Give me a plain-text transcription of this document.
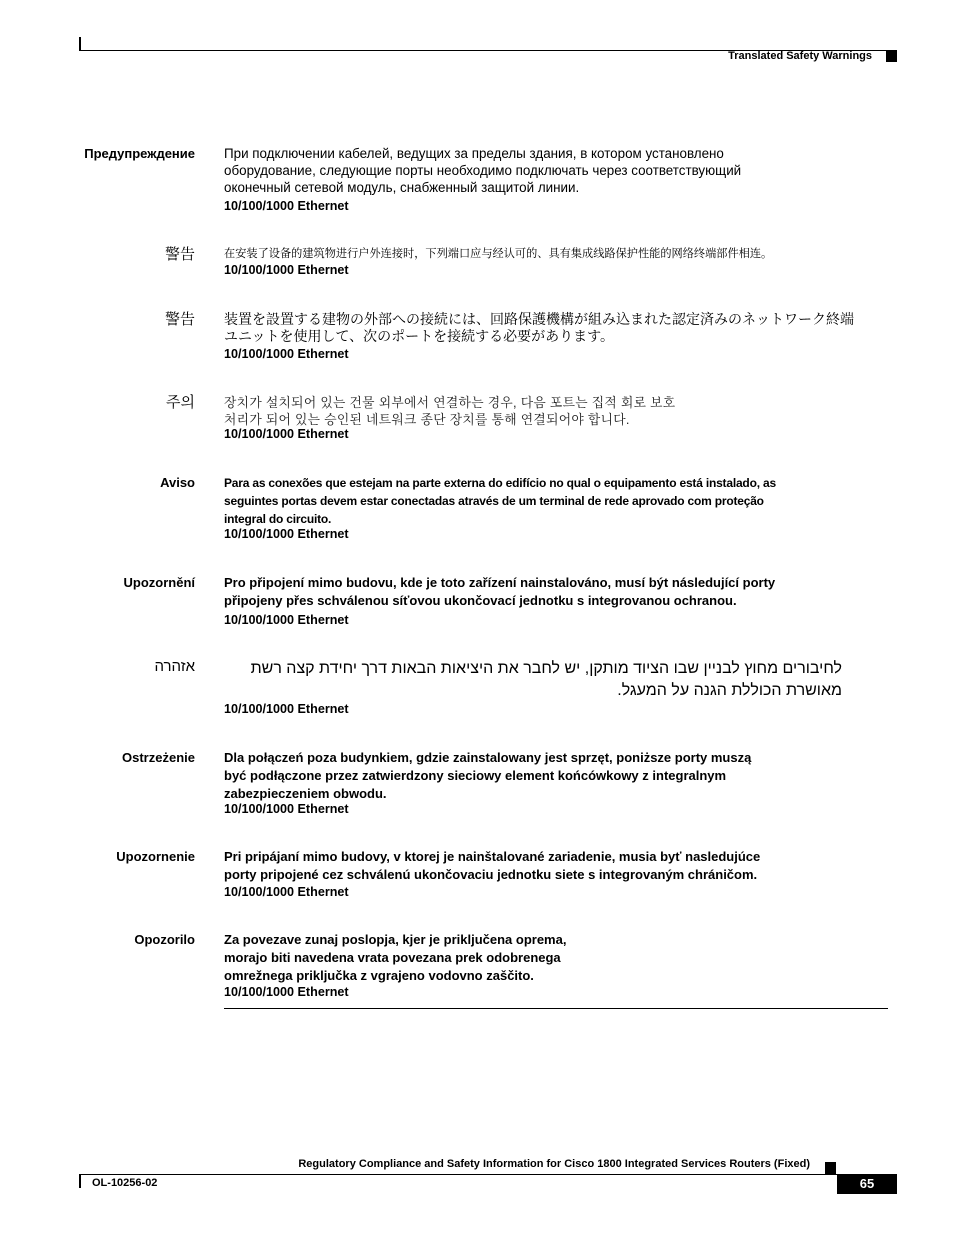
Translated Safety Warnings
Предупреждение При подключении кабелей, ведущих за пределы здания, в котором установлено
оборудование, следующие порты необходимо подключать через соответствующий
оконечный сетевой модуль, снабженный защитой линии.
10/100/1000 Ethernet
警告	在安装了设备的建筑物进行户外连接时，下列端口应与经认可的、具有集成线路保护性能的网络终端部件相连。
10/100/1000 Ethernet
警告 装置を設置する建物の外部への接続には、回路保護機構が組み込まれた認定済みのネットワーク終端
ユニットを使用して、次のポートを接続する必要があります。
10/100/1000 Ethernet
주의 장치가 설치되어 있는 건물 외부에서 연결하는 경우, 다음 포트는 집적 회로 보호
처리가 되어 있는 승인된 네트워크 종단 장치를 통해 연결되어야 합니다.
10/100/1000 Ethernet
Aviso Para as conexões que estejam na parte externa do edifício no qual o equipamento está instalado, as
seguintes portas devem estar conectadas através de um terminal de rede aprovado com proteção
integral do circuito.
10/100/1000 Ethernet
Upozornění Pro připojení mimo budovu, kde je toto zařízení nainstalováno, musí být následující porty
připojeny přes schválenou síťovou ukončovací jednotku s integrovanou ochranou.
10/100/1000 Ethernet
אזהרה	לחיבורים מחוץ לבניין שבו הציוד מותקן, יש לחבר את היציאות הבאות דרך יחידת קצה רשת
מאושרת הכוללת הגנה על המעגל.
10/100/1000 Ethernet
Ostrzeżenie Dla połączeń poza budynkiem, gdzie zainstalowany jest sprzęt, poniższe porty muszą
być podłączone przez zatwierdzony sieciowy element końcówkowy z integralnym
zabezpieczeniem obwodu.
10/100/1000 Ethernet
Upozornenie Pri pripájaní mimo budovy, v ktorej je nainštalované zariadenie, musia byť nasledujúce
porty pripojené cez schválenú ukončovaciu jednotku siete s integrovaným chráničom.
10/100/1000 Ethernet
Opozorilo Za povezave zunaj poslopja, kjer je priključena oprema,
morajo biti navedena vrata povezana prek odobrenega
omrežnega priključka z vgrajeno vodovno zaščito.
10/100/1000 Ethernet
Regulatory Compliance and Safety Information for Cisco 1800 Integrated Services Routers (Fixed)
OL-10256-02	65
